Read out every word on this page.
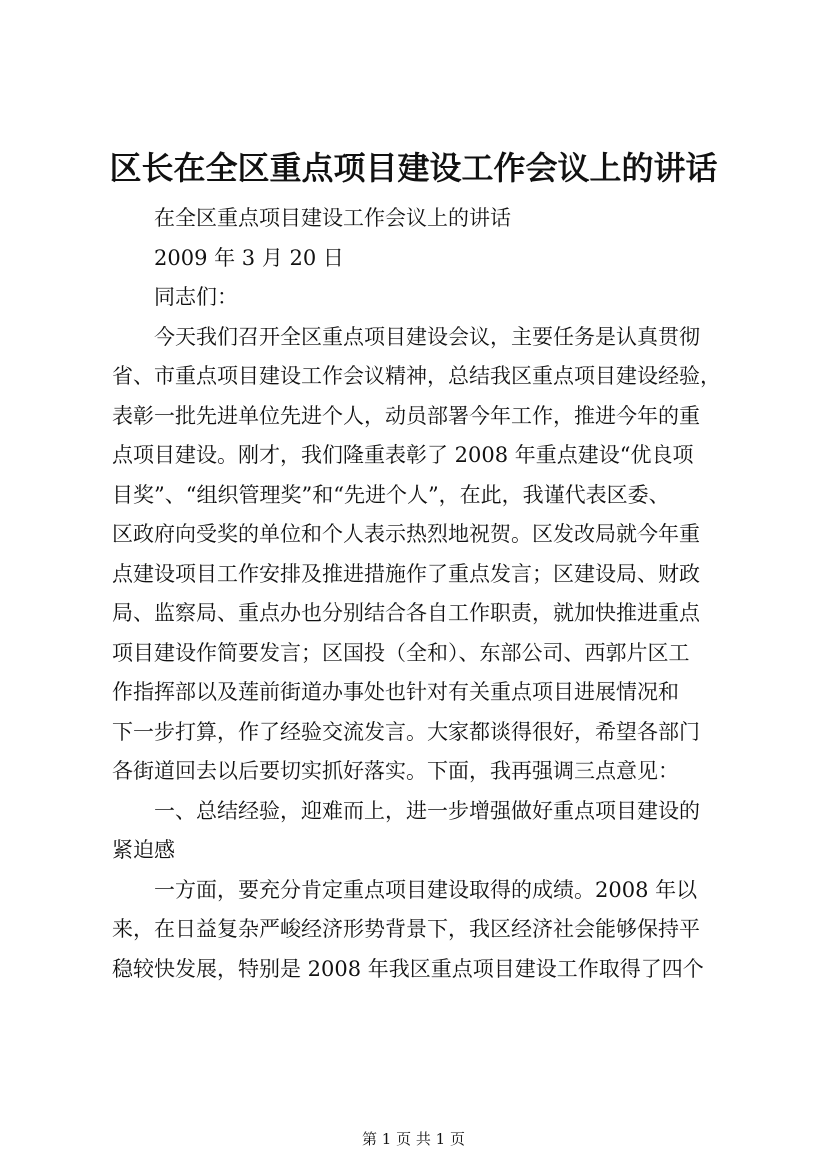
区长在全区重点项目建设工作会议上的讲话
在全区重点项目建设工作会议上的讲话
2009 年 3 月 20 日
同志们：
今天我们召开全区重点项目建设会议，主要任务是认真贯彻
省、市重点项目建设工作会议精神，总结我区重点项目建设经验，
表彰一批先进单位先进个人，动员部署今年工作，推进今年的重
点项目建设。刚才，我们隆重表彰了 2008 年重点建设“优良项
目奖”、“组织管理奖”和“先进个人”，在此，我谨代表区委、
区政府向受奖的单位和个人表示热烈地祝贺。区发改局就今年重
点建设项目工作安排及推进措施作了重点发言；区建设局、财政
局、监察局、重点办也分别结合各自工作职责，就加快推进重点
项目建设作简要发言；区国投（全和）、东部公司、西郭片区工
作指挥部以及莲前街道办事处也针对有关重点项目进展情况和
下一步打算，作了经验交流发言。大家都谈得很好，希望各部门
各街道回去以后要切实抓好落实。下面，我再强调三点意见：
一、总结经验，迎难而上，进一步增强做好重点项目建设的
紧迫感
一方面，要充分肯定重点项目建设取得的成绩。2008 年以
来，在日益复杂严峻经济形势背景下，我区经济社会能够保持平
稳较快发展，特别是 2008 年我区重点项目建设工作取得了四个
第 1 页 共 1 页
